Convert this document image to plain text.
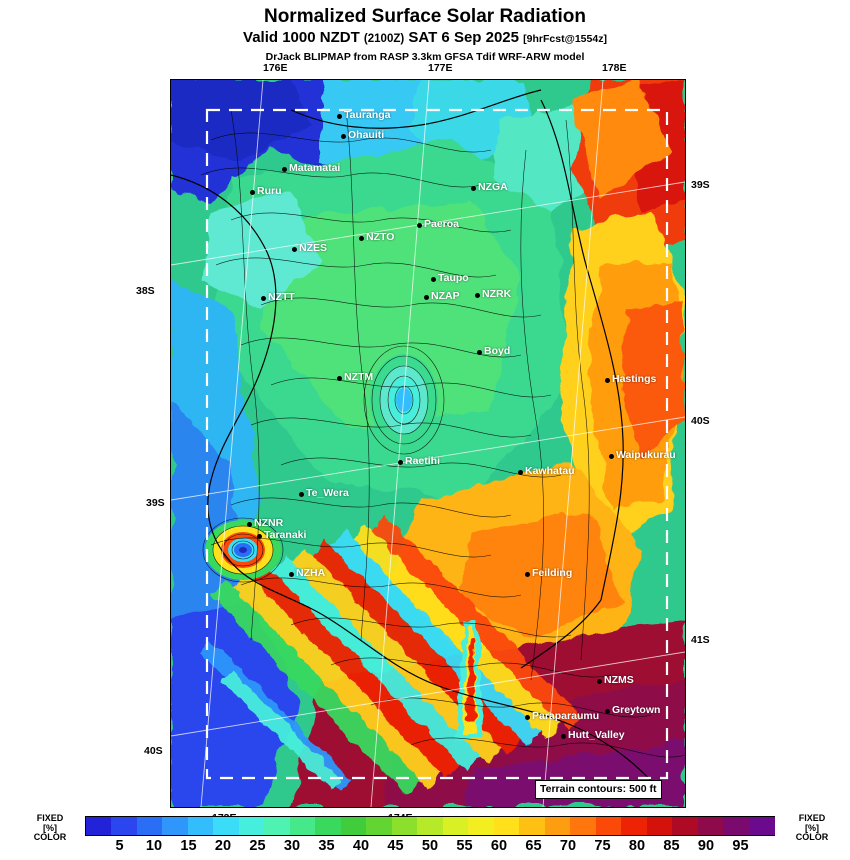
Normalized Surface Solar Radiation
Valid 1000 NZDT (2100Z) SAT 6 Sep 2025 [9hrFcst@1554z]
DrJack BLIPMAP from RASP 3.3km GFSA Tdif WRF-ARW model
Tauranga
Ohauiti
Matamatai
Ruru	NZGA
Paeroa
NZTO
NZES
Taupo
NZAP NZRK
NZTT
Boyd
NZTM	Hastings
Waipukurau
Raetihi
Kawhatau
Te_Wera
NZNR
Taranaki
NZHA	Feilding
NZMS
Greytown
Paraparaumu
Hutt_Valley
176E	177E	178E
39S
38S
40S
39S
41S
40S
Terrain contours: 500 ft
FIXED
[%]
COLOR
FIXED
[%]
COLOR
5 10 15 20 25 30 35 40 45 50 55 60 65 70 75 80 85 90 95
